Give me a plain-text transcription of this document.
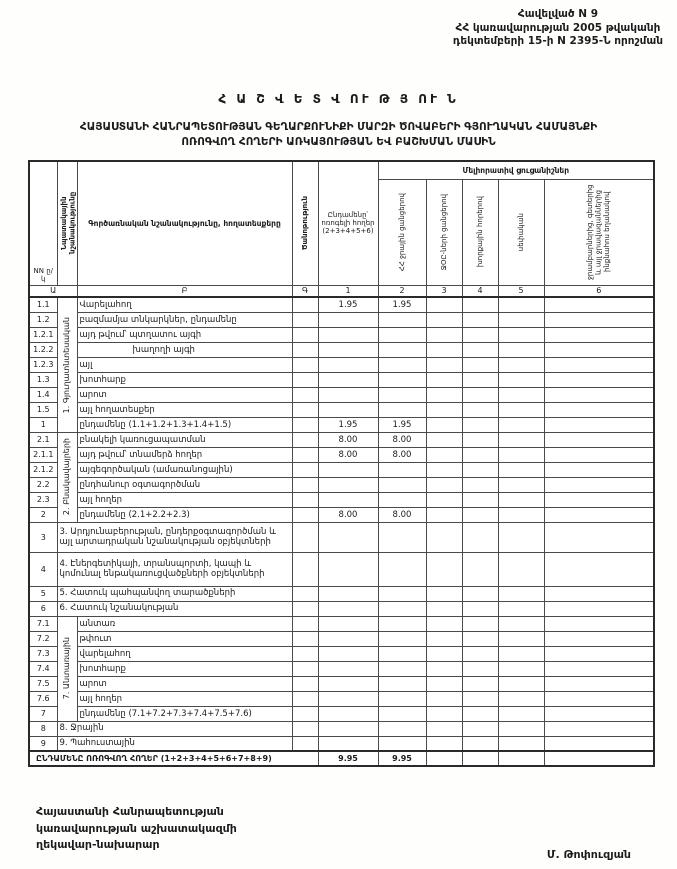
Հավելված N 9
ՀՀ կառավարության 2005 թվականի
դեկտեմբերի 15-ի N 2395-Ն որոշման
Հ Ա Շ Վ Ե Տ Վ ՈՒ Թ Յ ՈՒ Ն
ՀԱՅԱՍՏԱՆԻ ՀԱՆՐԱՊԵՏՈՒԹՅԱՆ ԳԵՂԱՐՔՈՒՆԻՔԻ ՄԱՐԶԻ ԾՈՎԱԲԵՐԻ ԳՅՈՒՂԱԿԱՆ ՀԱՄԱՅՆՔԻ
ՈՌՈԳՎՈՂ ՀՈՂԵՐԻ ԱՌԿԱՅՈՒԹՅԱՆ ԵՎ ԲԱՇԽՄԱՆ ՄԱՍԻՆ
NN ը/կ	Նպատակային նշանակությունը	Գործառնական նշանակությունը, հողատեսքերը	Ծանոթություն	Ընդամենը՝ ոռոգելի հողեր (2+3+4+5+6)	Մելիորատիվ ցուցանիշներ				

					ՀՀ ջրային ցանցերով	ՋՕԸ-ների ցանցերով	խորքային հորերով	սեփական	ջրամբարներից, գետերից և այլ ջրավազաններից ինքնահոս եղանակով

Ա		Բ	Գ	1	2	3	4	5	6
1.1	1. Գյուղատնտեսական	Վարելահող		1.95	1.95				
1.2		բազմամյա տնկարկներ, ընդամենը							
1.2.1		այդ թվում՝ պտղատու այգի							
1.2.2		խաղողի այգի							
1.2.3		այլ							
1.3		խոտհարք							
1.4		արոտ							
1.5		այլ հողատեսքեր							
1		ընդամենը (1.1+1.2+1.3+1.4+1.5)		1.95	1.95				
2.1	2. Բնակավայրերի	բնակելի կառուցապատման		8.00	8.00				
2.1.1		այդ թվում՝ տնամերձ հողեր		8.00	8.00				
2.1.2		այգեգործական (ամառանոցային)							
2.2		ընդհանուր օգտագործման							
2.3		այլ հողեր							
2		ընդամենը (2.1+2.2+2.3)		8.00	8.00				
3	3. Արդյունաբերության, ընդերքօգտագործման և այլ արտադրական նշանակության օբյեկտների								
4	4. Էներգետիկայի, տրանսպորտի, կապի և կոմունալ ենթակառուցվածքների օբյեկտների								
5	5. Հատուկ պահպանվող տարածքների								
6	6. Հատուկ նշանակության								
7.1	7. Անտառային	անտառ							
7.2		թփուտ							
7.3		վարելահող							
7.4		խոտհարք							
7.5		արոտ							
7.6		այլ հողեր							
7		ընդամենը (7.1+7.2+7.3+7.4+7.5+7.6)							
8	8. Ջրային								
9	9. Պահուստային								
ԸՆԴԱՄԵՆԸ ՈՌՈԳՎՈՂ ՀՈՂԵՐ (1+2+3+4+5+6+7+8+9)				9.95	9.95				
Հայաստանի Հանրապետության
կառավարության աշխատակազմի
ղեկավար-նախարար
Մ. Թոփուզյան
